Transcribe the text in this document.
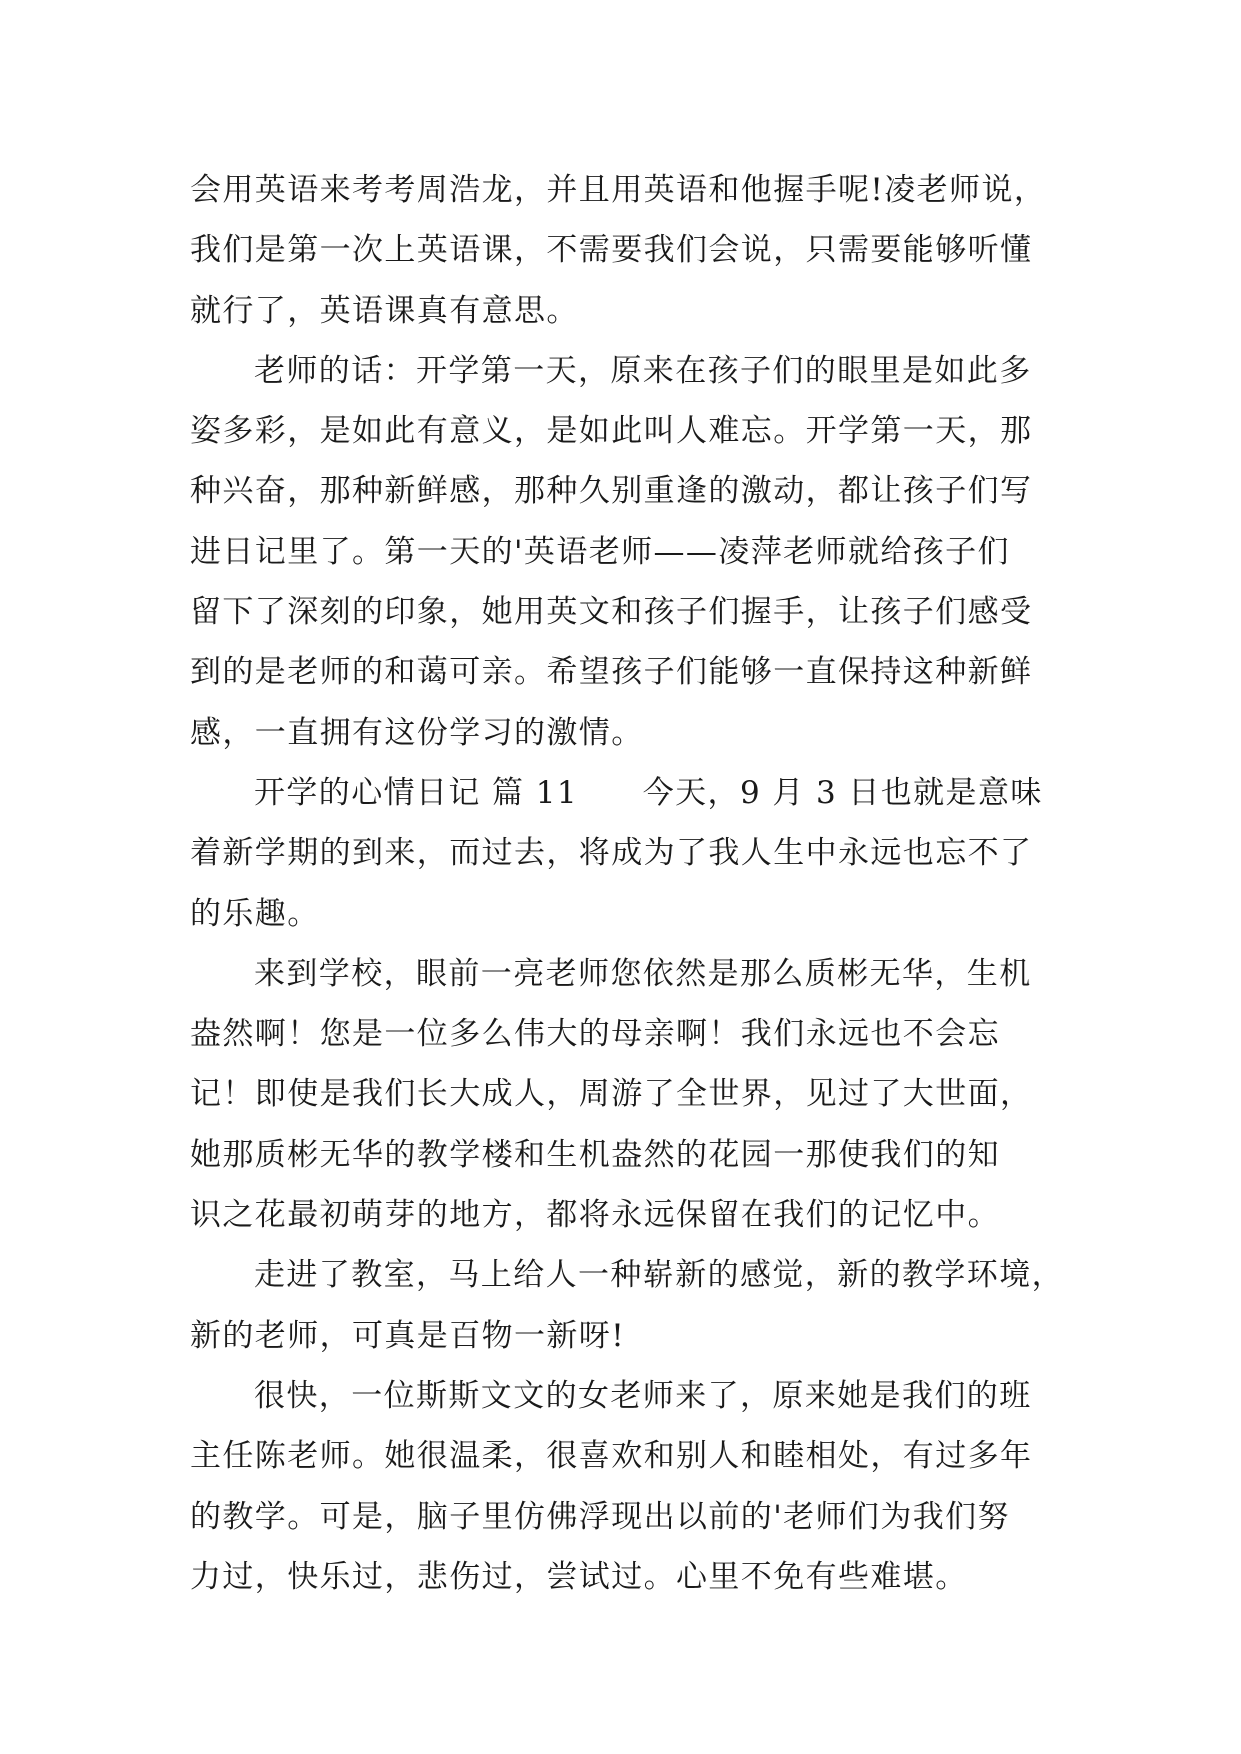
会用英语来考考周浩龙，并且用英语和他握手呢!凌老师说，
我们是第一次上英语课，不需要我们会说，只需要能够听懂
就行了，英语课真有意思。
老师的话：开学第一天，原来在孩子们的眼里是如此多
姿多彩，是如此有意义，是如此叫人难忘。开学第一天，那
种兴奋，那种新鲜感，那种久别重逢的激动，都让孩子们写
进日记里了。第一天的'英语老师——凌萍老师就给孩子们
留下了深刻的印象，她用英文和孩子们握手，让孩子们感受
到的是老师的和蔼可亲。希望孩子们能够一直保持这种新鲜
感，一直拥有这份学习的激情。
开学的心情日记 篇 11　　今天，9 月 3 日也就是意味
着新学期的到来，而过去，将成为了我人生中永远也忘不了
的乐趣。
来到学校，眼前一亮老师您依然是那么质彬无华，生机
盎然啊！您是一位多么伟大的母亲啊！我们永远也不会忘
记！即使是我们长大成人，周游了全世界，见过了大世面，
她那质彬无华的教学楼和生机盎然的花园一那使我们的知
识之花最初萌芽的地方，都将永远保留在我们的记忆中。
走进了教室，马上给人一种崭新的感觉，新的教学环境，
新的老师，可真是百物一新呀!
很快，一位斯斯文文的女老师来了，原来她是我们的班
主任陈老师。她很温柔，很喜欢和别人和睦相处，有过多年
的教学。可是，脑子里仿佛浮现出以前的'老师们为我们努
力过，快乐过，悲伤过，尝试过。心里不免有些难堪。
